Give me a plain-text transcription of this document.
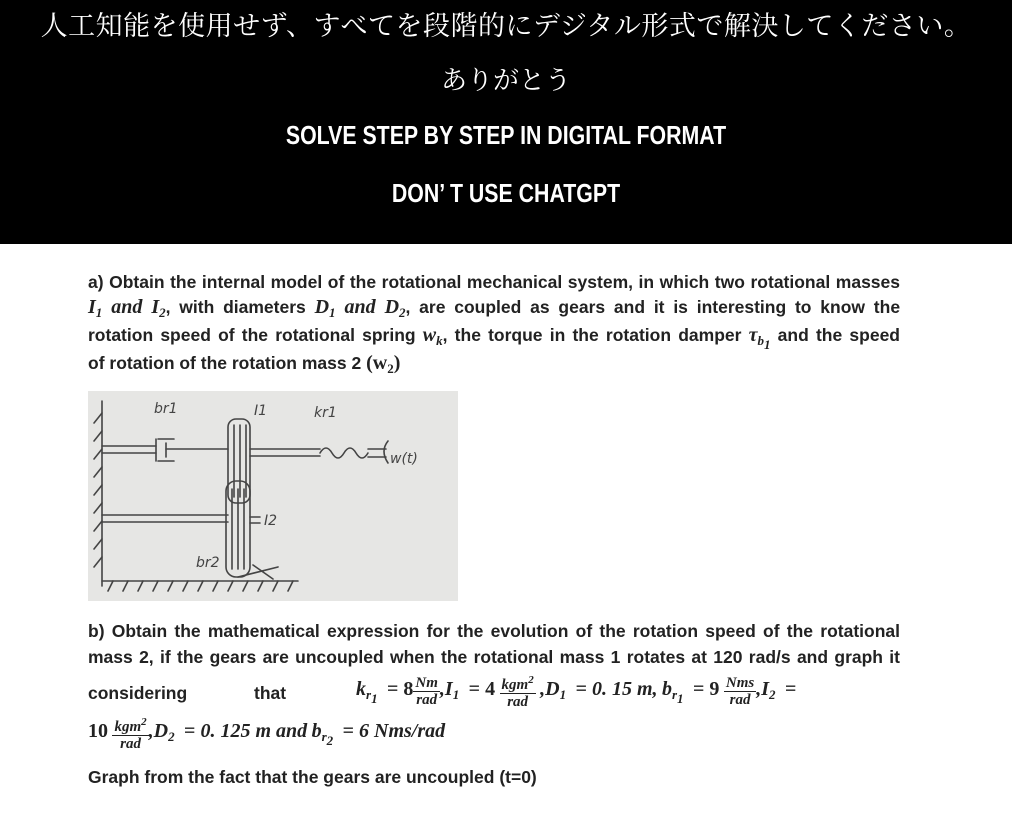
人工知能を使用せず、すべてを段階的にデジタル形式で解決してください。
ありがとう
SOLVE STEP BY STEP IN DIGITAL FORMAT
DON’ T USE CHATGPT
a) Obtain the internal model of the rotational mechanical system, in which two rotational masses
$I_1$ and $I_2$, with diameters $D_1$ and $D_2$, are coupled as gears and it is interesting to know the
rotation speed of the rotational spring $w_k$, the torque in the rotation damper $\tau_{b_1}$ and the speed
of rotation of the rotation mass 2 $(w_2)$
br1	I1	kr1
w(t)
I2
br2
b) Obtain the mathematical expression for the evolution of the rotation speed of the rotational
mass 2, if the gears are uncoupled when the rotational mass 1 rotates at 120 rad/s and graph it
considering	that	$k_{r_1} = 8 \frac{Nm}{\text{rad}} ,I_1 = 4 \frac{kgm^2}{\text{rad}} ,D_1 = 0$. 15 m, $b_{r_1} = 9 \frac{\text{Nms}}{\text{rad}} ,I_2$  =
$10 \frac{kgm^2}{\text{rad}} ,D_2 = 0$. 125 m and $b_{r_2} = 6$ Nms/rad
Graph from the fact that the gears are uncoupled (t=0)
